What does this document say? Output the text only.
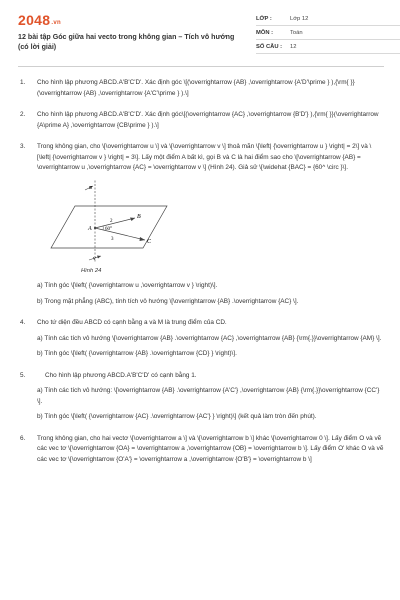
2048.vn
12 bài tập Góc giữa hai vecto trong không gian – Tích vô hướng (có lời giải)
LỚP :	Lớp 12
MÔN :	Toán
SỐ CÂU :	12
1. Cho hình lập phương ABCD.A'B'C'D'. Xác định góc \[(\overrightarrow {AB} ,\overrightarrow {A'D'\prime } ),{\rm{ }}(\overrightarrow {AB} ,\overrightarrow {A'C'\prime } ).\]

2. Cho hình lập phương ABCD.A'B'C'D'. Xác định góc\[(\overrightarrow {AC} ,\overrightarrow {B'D'} ),{\rm{ }}(\overrightarrow {A\prime A} ,\overrightarrow {CB\prime } ).\]

3. Trong không gian, cho \[\overrightarrow u \] và \[\overrightarrow v \] thoả mãn \[\left| {\overrightarrow u } \right| = 2\] và \[\left| {\overrightarrow v } \right| = 3\]. Lấy một điểm A bất kì, gọi B và C là hai điểm sao cho \[\overrightarrow {AB} = \overrightarrow u ,\overrightarrow {AC} = \overrightarrow v \] (Hình 24). Giả sử \[\widehat {BAC} = {60^ \circ }\].

u
v
A
B
C
2
3
60°
Hình 24

a) Tính góc \[\left( {\overrightarrow u ,\overrightarrow v } \right)\].

b) Trong mặt phẳng (ABC), tính tích vô hướng \[\overrightarrow {AB} .\overrightarrow {AC} \].

4. Cho tứ diện đều ABCD có cạnh bằng a và M là trung điểm của CD.

a) Tính các tích vô hướng \[\overrightarrow {AB} .\overrightarrow {AC} ,\overrightarrow {AB} {\rm{.}}\overrightarrow {AM} \].

b) Tính góc \[\left( {\overrightarrow {AB} .\overrightarrow {CD} } \right)\].

5.	Cho hình lập phương ABCD.A'B'C'D' có cạnh bằng 1.

a) Tính các tích vô hướng: \[\overrightarrow {AB} .\overrightarrow {A'C'} ,\overrightarrow {AB} {\rm{.}}\overrightarrow {CC'} \].

b) Tính góc \[\left( {\overrightarrow {AC} .\overrightarrow {AC'} } \right)\] (kết quả làm tròn đến phút).

6. Trong không gian, cho hai vectơ \[\overrightarrow a \] và \[\overrightarrow b \] khác \[\overrightarrow 0 \]. Lấy điểm O và vẽ các vec tơ \[\overrightarrow {OA} = \overrightarrow a ,\overrightarrow {OB} = \overrightarrow b \]. Lấy điểm O' khác O và vẽ các vec tơ \[\overrightarrow {O'A'} = \overrightarrow a ,\overrightarrow {O'B'} = \overrightarrow b \]
